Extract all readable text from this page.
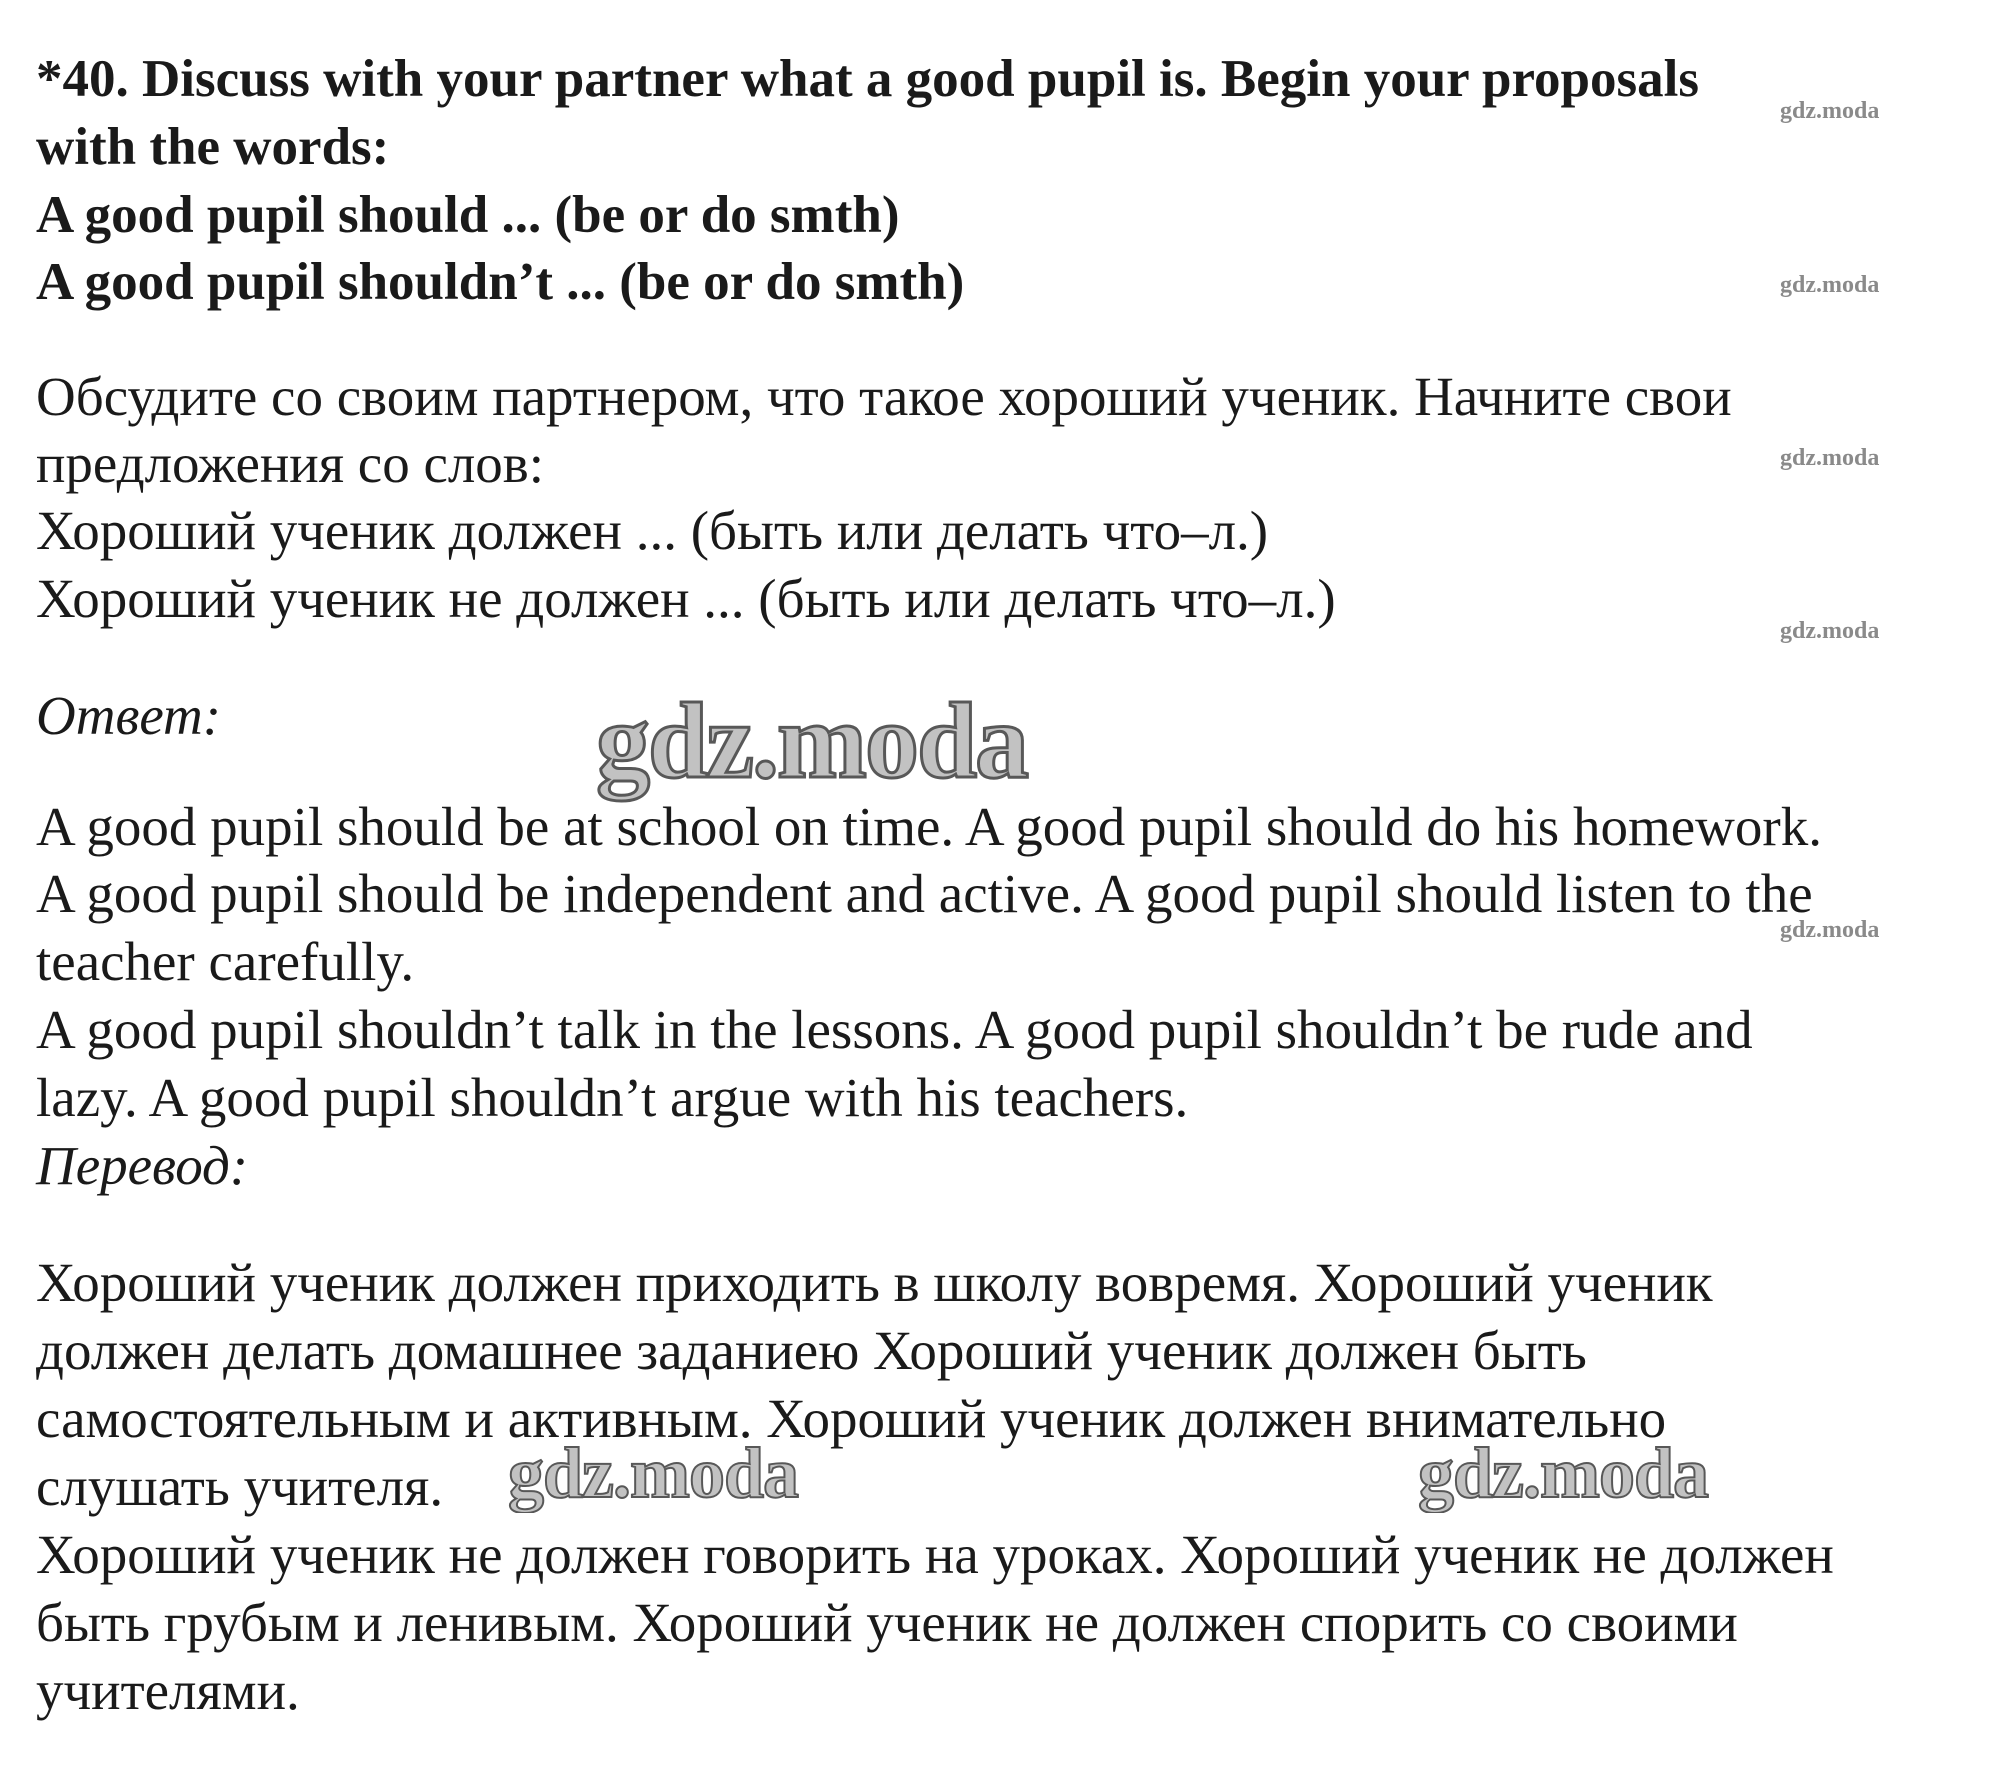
*40. Discuss with your partner what a good pupil is. Begin your proposals
with the words:
A good pupil should ... (be or do smth)
A good pupil shouldn’t ... (be or do smth)
Обсудите со своим партнером, что такое хороший ученик. Начните свои
предложения со слов:
Хороший ученик должен ... (быть или делать что–л.)
Хороший ученик не должен ... (быть или делать что–л.)
Ответ:
A good pupil should be at school on time. A good pupil should do his homework.
A good pupil should be independent and active. A good pupil should listen to the
teacher carefully.
A good pupil shouldn’t talk in the lessons. A good pupil shouldn’t be rude and
lazy. A good pupil shouldn’t argue with his teachers.
Перевод:
Хороший ученик должен приходить в школу вовремя. Хороший ученик
должен делать домашнее заданиею Хороший ученик должен быть
самостоятельным и активным. Хороший ученик должен внимательно
слушать учителя.
Хороший ученик не должен говорить на уроках. Хороший ученик не должен
быть грубым и ленивым. Хороший ученик не должен спорить со своими
учителями.
gdz.moda
gdz.moda
gdz.moda
gdz.moda
gdz.moda
gdz.moda
gdz.moda	gdz.moda
